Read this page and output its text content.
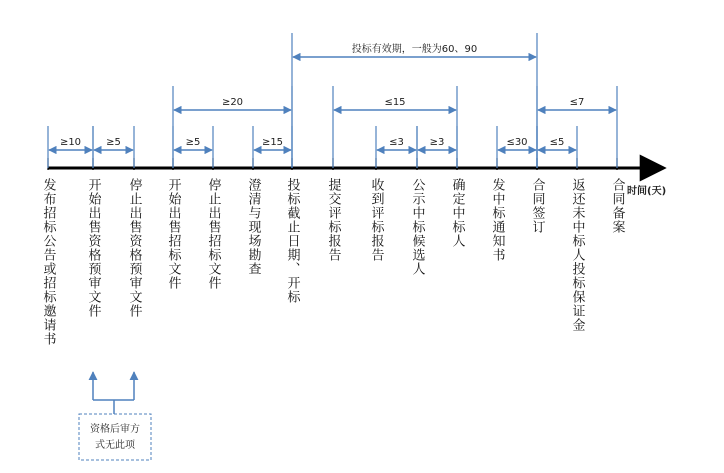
时间(天)
≥10	≥5	≥5	≥15
≥20
投标有效期，一般为60、90
≤15
≤3	≥3	≤30 ≤5
≤7
发布招标公告或招标邀请书 开始出售资格预审文件 停止出售资格预审文件 开始出售招标文件 停止出售招标文件 澄清与现场勘查 投标截止日期、开标 提交评标报告 收到评标报告 公示中标候选人 确定中标人 发中标通知书 合同签订 返还未中标人投标保证金 合同备案
资格后审方
式无此项
